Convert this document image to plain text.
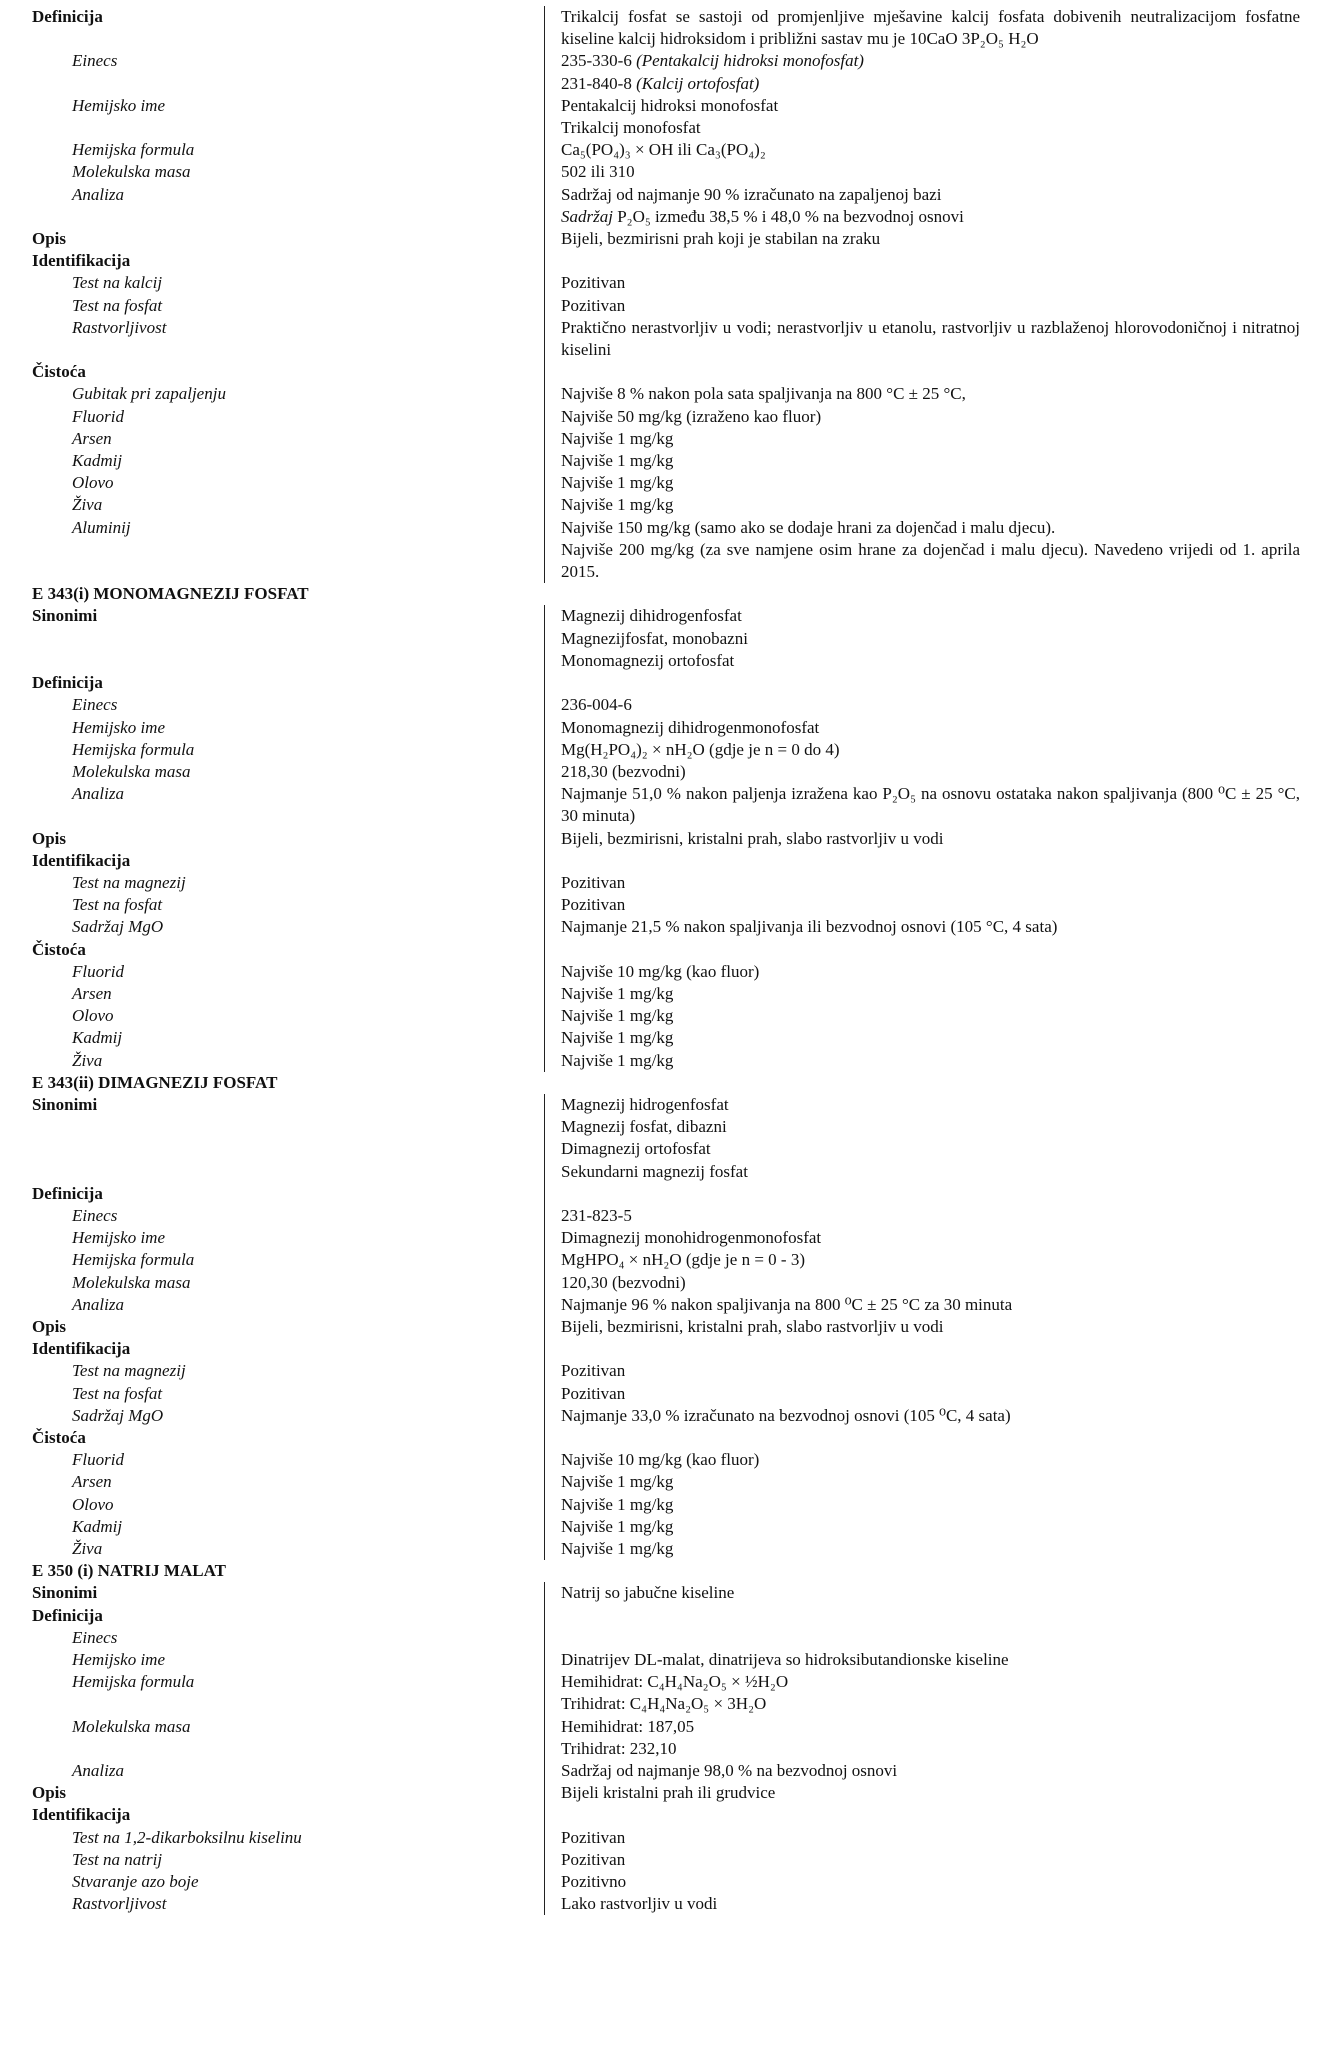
Definicija	Trikalcij fosfat se sastoji od promjenljive mješavine kalcij fosfata dobivenih neutralizacijom fosfatne kiseline kalcij hidroksidom i približni sastav mu je 10CaO 3P₂O₅ H₂O
Einecs	235-330-6 (Pentakalcij hidroksi monofosfat)
231-840-8 (Kalcij ortofosfat)
Hemijsko ime	Pentakalcij hidroksi monofosfat
Trikalcij monofosfat
Hemijska formula	Ca₅(PO₄)₃ × OH ili Ca₃(PO₄)₂
Molekulska masa	502 ili 310
Analiza	Sadržaj od najmanje 90 % izračunato na zapaljenoj bazi
Sadržaj P₂O₅ između 38,5 % i 48,0 % na bezvodnoj osnovi
Opis	Bijeli, bezmirisni prah koji je stabilan na zraku
Identifikacija
Test na kalcij	Pozitivan
Test na fosfat	Pozitivan
Rastvorljivost	Praktično nerastvorljiv u vodi; nerastvorljiv u etanolu, rastvorljiv u razblaženoj hlorovodoničnoj i nitratnoj kiselini
Čistoća
Gubitak pri zapaljenju	Najviše 8 % nakon pola sata spaljivanja na 800 °C ± 25 °C,
Fluorid	Najviše 50 mg/kg (izraženo kao fluor)
Arsen	Najviše 1 mg/kg
Kadmij	Najviše 1 mg/kg
Olovo	Najviše 1 mg/kg
Živa	Najviše 1 mg/kg
Aluminij	Najviše 150 mg/kg (samo ako se dodaje hrani za dojenčad i malu djecu).
Najviše 200 mg/kg (za sve namjene osim hrane za dojenčad i malu djecu). Navedeno vrijedi od 1. aprila 2015.
E 343(i) MONOMAGNEZIJ FOSFAT
Sinonimi	Magnezij dihidrogenfosfat
Magnezijfosfat, monobazni
Monomagnezij ortofosfat
Definicija
Einecs	236-004-6
Hemijsko ime	Monomagnezij dihidrogenmonofosfat
Hemijska formula	Mg(H₂PO₄)₂ × nH₂O (gdje je n = 0 do 4)
Molekulska masa	218,30 (bezvodni)
Analiza	Najmanje 51,0 % nakon paljenja izražena kao P₂O₅ na osnovu ostataka nakon spaljivanja (800 ⁰C ± 25 °C, 30 minuta)
Opis	Bijeli, bezmirisni, kristalni prah, slabo rastvorljiv u vodi
Identifikacija
Test na magnezij	Pozitivan
Test na fosfat	Pozitivan
Sadržaj MgO	Najmanje 21,5 % nakon spaljivanja ili bezvodnoj osnovi (105 °C, 4 sata)
Čistoća
Fluorid	Najviše 10 mg/kg (kao fluor)
Arsen	Najviše 1 mg/kg
Olovo	Najviše 1 mg/kg
Kadmij	Najviše 1 mg/kg
Živa	Najviše 1 mg/kg
E 343(ii) DIMAGNEZIJ FOSFAT
Sinonimi	Magnezij hidrogenfosfat
Magnezij fosfat, dibazni
Dimagnezij ortofosfat
Sekundarni magnezij fosfat
Definicija
Einecs	231-823-5
Hemijsko ime	Dimagnezij monohidrogenmonofosfat
Hemijska formula	MgHPO₄ × nH₂O (gdje je n = 0 - 3)
Molekulska masa	120,30 (bezvodni)
Analiza	Najmanje 96 % nakon spaljivanja na 800 ⁰C ± 25 °C za 30 minuta
Opis	Bijeli, bezmirisni, kristalni prah, slabo rastvorljiv u vodi
Identifikacija
Test na magnezij	Pozitivan
Test na fosfat	Pozitivan
Sadržaj MgO	Najmanje 33,0 % izračunato na bezvodnoj osnovi (105 ⁰C, 4 sata)
Čistoća
Fluorid	Najviše 10 mg/kg (kao fluor)
Arsen	Najviše 1 mg/kg
Olovo	Najviše 1 mg/kg
Kadmij	Najviše 1 mg/kg
Živa	Najviše 1 mg/kg
E 350 (i) NATRIJ MALAT
Sinonimi	Natrij so jabučne kiseline
Definicija
Einecs
Hemijsko ime	Dinatrijev DL-malat, dinatrijeva so hidroksibutandionske kiseline
Hemijska formula	Hemihidrat: C₄H₄Na₂O₅ × ½H₂O
Trihidrat: C₄H₄Na₂O₅ × 3H₂O
Molekulska masa	Hemihidrat: 187,05
Trihidrat: 232,10
Analiza	Sadržaj od najmanje 98,0 % na bezvodnoj osnovi
Opis	Bijeli kristalni prah ili grudvice
Identifikacija
Test na 1,2-dikarboksilnu kiselinu	Pozitivan
Test na natrij	Pozitivan
Stvaranje azo boje	Pozitivno
Rastvorljivost	Lako rastvorljiv u vodi
